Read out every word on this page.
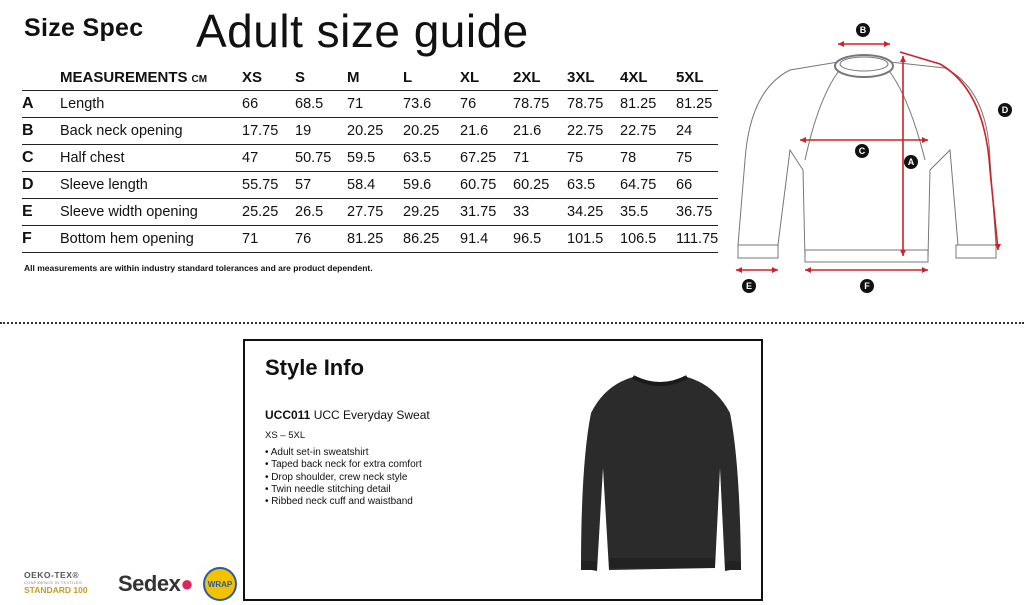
Size Spec Adult size guide
	MEASUREMENTS CM	XS	S	M	L	XL	2XL	3XL	4XL	5XL
A	Length	66	68.5	71	73.6	76	78.75	78.75	81.25	81.25
B	Back neck opening	17.75	19	20.25	20.25	21.6	21.6	22.75	22.75	24
C	Half chest	47	50.75	59.5	63.5	67.25	71	75	78	75
D	Sleeve length	55.75	57	58.4	59.6	60.75	60.25	63.5	64.75	66
E	Sleeve width opening	25.25	26.5	27.75	29.25	31.75	33	34.25	35.5	36.75
F	Bottom hem opening	71	76	81.25	86.25	91.4	96.5	101.5	106.5	111.75
All measurements are within industry standard tolerances and are product dependent.
B
A
C
D
E	F
Style Info
UCC011 UCC Everyday Sweat
XS – 5XL
• Adult set-in sweatshirt
• Taped back neck for extra comfort
• Drop shoulder, crew neck style
• Twin needle stitching detail
• Ribbed neck cuff and waistband
OEKO-TEX®
CONFIDENCE IN TEXTILES
STANDARD 100	Sedex● WRAP
